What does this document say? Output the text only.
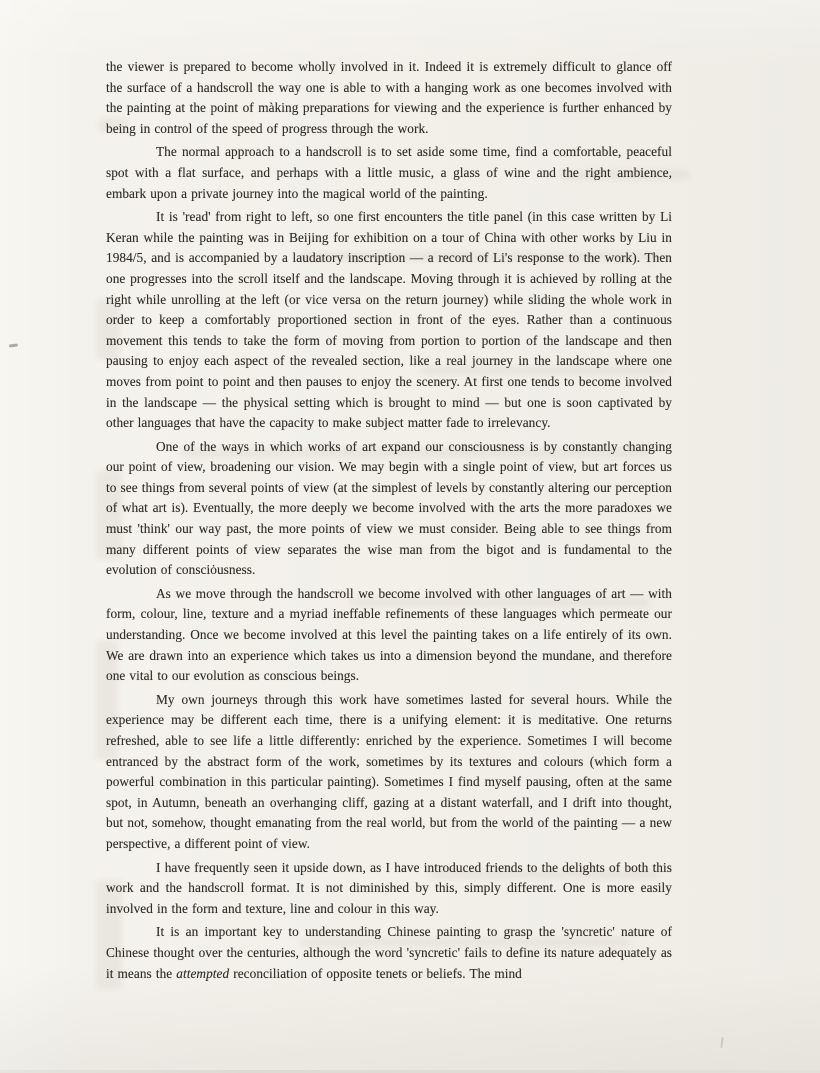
the viewer is prepared to become wholly involved in it. Indeed it is extremely difficult to glance off the surface of a handscroll the way one is able to with a hanging work as one becomes involved with the painting at the point of màking preparations for viewing and the experience is further enhanced by being in control of the speed of progress through the work.

The normal approach to a handscroll is to set aside some time, find a comfortable, peaceful spot with a flat surface, and perhaps with a little music, a glass of wine and the right ambience, embark upon a private journey into the magical world of the painting.

It is 'read' from right to left, so one first encounters the title panel (in this case written by Li Keran while the painting was in Beijing for exhibition on a tour of China with other works by Liu in 1984/5, and is accompanied by a laudatory inscription — a record of Li's response to the work). Then one progresses into the scroll itself and the landscape. Moving through it is achieved by rolling at the right while unrolling at the left (or vice versa on the return journey) while sliding the whole work in order to keep a comfortably proportioned section in front of the eyes. Rather than a continuous movement this tends to take the form of moving from portion to portion of the landscape and then pausing to enjoy each aspect of the revealed section, like a real journey in the landscape where one moves from point to point and then pauses to enjoy the scenery. At first one tends to become involved in the landscape — the physical setting which is brought to mind — but one is soon captivated by other languages that have the capacity to make subject matter fade to irrelevancy.

One of the ways in which works of art expand our consciousness is by constantly changing our point of view, broadening our vision. We may begin with a single point of view, but art forces us to see things from several points of view (at the simplest of levels by constantly altering our perception of what art is). Eventually, the more deeply we become involved with the arts the more paradoxes we must 'think' our way past, the more points of view we must consider. Being able to see things from many different points of view separates the wise man from the bigot and is fundamental to the evolution of consciȯusness.

As we move through the handscroll we become involved with other languages of art — with form, colour, line, texture and a myriad ineffable refinements of these languages which permeate our understanding. Once we become involved at this level the painting takes on a life entirely of its own. We are drawn into an experience which takes us into a dimension beyond the mundane, and therefore one vital to our evolution as conscious beings.

My own journeys through this work have sometimes lasted for several hours. While the experience may be different each time, there is a unifying element: it is meditative. One returns refreshed, able to see life a little differently: enriched by the experience. Sometimes I will become entranced by the abstract form of the work, sometimes by its textures and colours (which form a powerful combination in this particular painting). Sometimes I find myself pausing, often at the same spot, in Autumn, beneath an overhanging cliff, gazing at a distant waterfall, and I drift into thought, but not, somehow, thought emanating from the real world, but from the world of the painting — a new perspective, a different point of view.

I have frequently seen it upside down, as I have introduced friends to the delights of both this work and the handscroll format. It is not diminished by this, simply different. One is more easily involved in the form and texture, line and colour in this way.

It is an important key to understanding Chinese painting to grasp the 'syncretic' nature of Chinese thought over the centuries, although the word 'syncretic' fails to define its nature adequately as it means the attempted reconciliation of opposite tenets or beliefs. The mind
